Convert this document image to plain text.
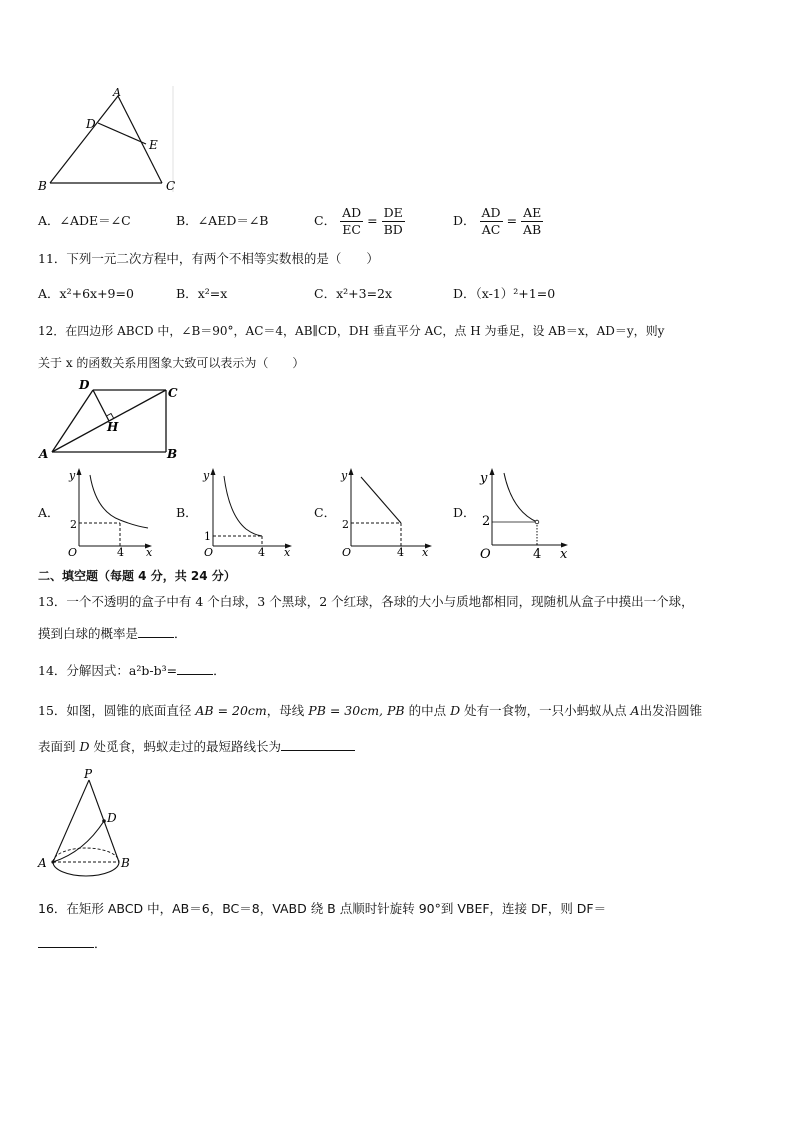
A
D
E
B	C
A．∠ADE＝∠C	B．∠AED＝∠B	C． $\frac{AD}{EC} = \frac{DE}{BD}$	D． $\frac{AD}{AC} = \frac{AE}{AB}$
11．下列一元二次方程中，有两个不相等实数根的是（　　）
A．x²+6x+9=0	B．x²=x	C．x²+3=2x	D．（x-1）²+1=0
12．在四边形 ABCD 中，∠B＝90°，AC＝4，AB∥CD，DH 垂直平分 AC，点 H 为垂足，设 AB＝x，AD＝y，则y
关于 x 的函数关系用图象大致可以表示为（　　）
D
C
H
A	B
A．
y
2
O	4 x
B．
y
1
O	4 x
C．
y
2
O	4 x
D．
y
2
O	4 x
二、填空题（每题 4 分，共 24 分）
13．一个不透明的盒子中有 4 个白球，3 个黑球，2 个红球，各球的大小与质地都相同，现随机从盒子中摸出一个球，
摸到白球的概率是	．
14．分解因式：a²b-b³=	．
15．如图，圆锥的底面直径 AB = 20cm，母线 PB = 30cm, PB 的中点 D 处有一食物，一只小蚂蚁从点 A出发沿圆锥
表面到 D 处觅食，蚂蚁走过的最短路线长为
P
D
A	B
16．在矩形 ABCD 中，AB＝6，BC＝8，VABD 绕 B 点顺时针旋转 90°到 VBEF，连接 DF，则 DF＝
．
